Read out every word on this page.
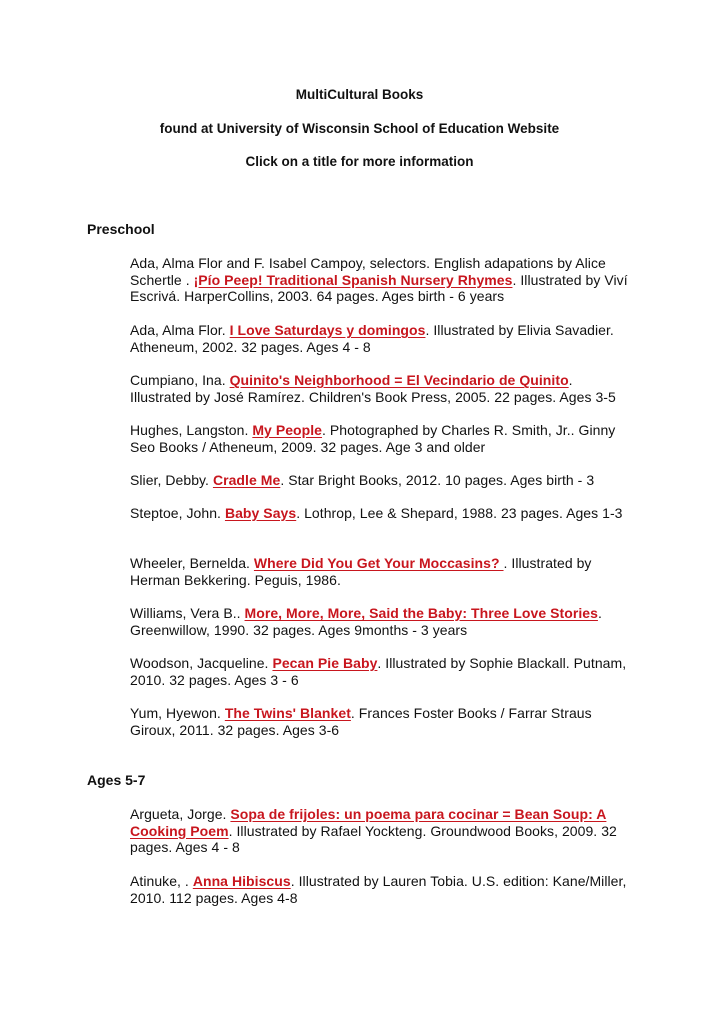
MultiCultural Books
found at University of Wisconsin School of Education Website
Click on a title for more information
Preschool
Ada, Alma Flor and F. Isabel Campoy, selectors. English adapations by Alice Schertle . ¡Pío Peep! Traditional Spanish Nursery Rhymes. Illustrated by Viví Escrivá. HarperCollins, 2003. 64 pages. Ages birth - 6 years
Ada, Alma Flor. I Love Saturdays y domingos. Illustrated by Elivia Savadier. Atheneum, 2002. 32 pages. Ages 4 - 8
Cumpiano, Ina. Quinito's Neighborhood = El Vecindario de Quinito. Illustrated by José Ramírez. Children's Book Press, 2005. 22 pages. Ages 3-5
Hughes, Langston. My People. Photographed by Charles R. Smith, Jr.. Ginny Seo Books / Atheneum, 2009. 32 pages. Age 3 and older
Slier, Debby. Cradle Me. Star Bright Books, 2012. 10 pages. Ages birth - 3
Steptoe, John. Baby Says. Lothrop, Lee & Shepard, 1988. 23 pages. Ages 1-3
Wheeler, Bernelda. Where Did You Get Your Moccasins? . Illustrated by Herman Bekkering. Peguis, 1986.
Williams, Vera B.. More, More, More, Said the Baby: Three Love Stories. Greenwillow, 1990. 32 pages. Ages 9months - 3 years
Woodson, Jacqueline. Pecan Pie Baby. Illustrated by Sophie Blackall. Putnam, 2010. 32 pages. Ages 3 - 6
Yum, Hyewon. The Twins' Blanket. Frances Foster Books / Farrar Straus Giroux, 2011. 32 pages. Ages 3-6
Ages 5-7
Argueta, Jorge. Sopa de frijoles: un poema para cocinar = Bean Soup: A Cooking Poem. Illustrated by Rafael Yockteng. Groundwood Books, 2009. 32 pages. Ages 4 - 8
Atinuke, . Anna Hibiscus. Illustrated by Lauren Tobia. U.S. edition: Kane/Miller, 2010. 112 pages. Ages 4-8
